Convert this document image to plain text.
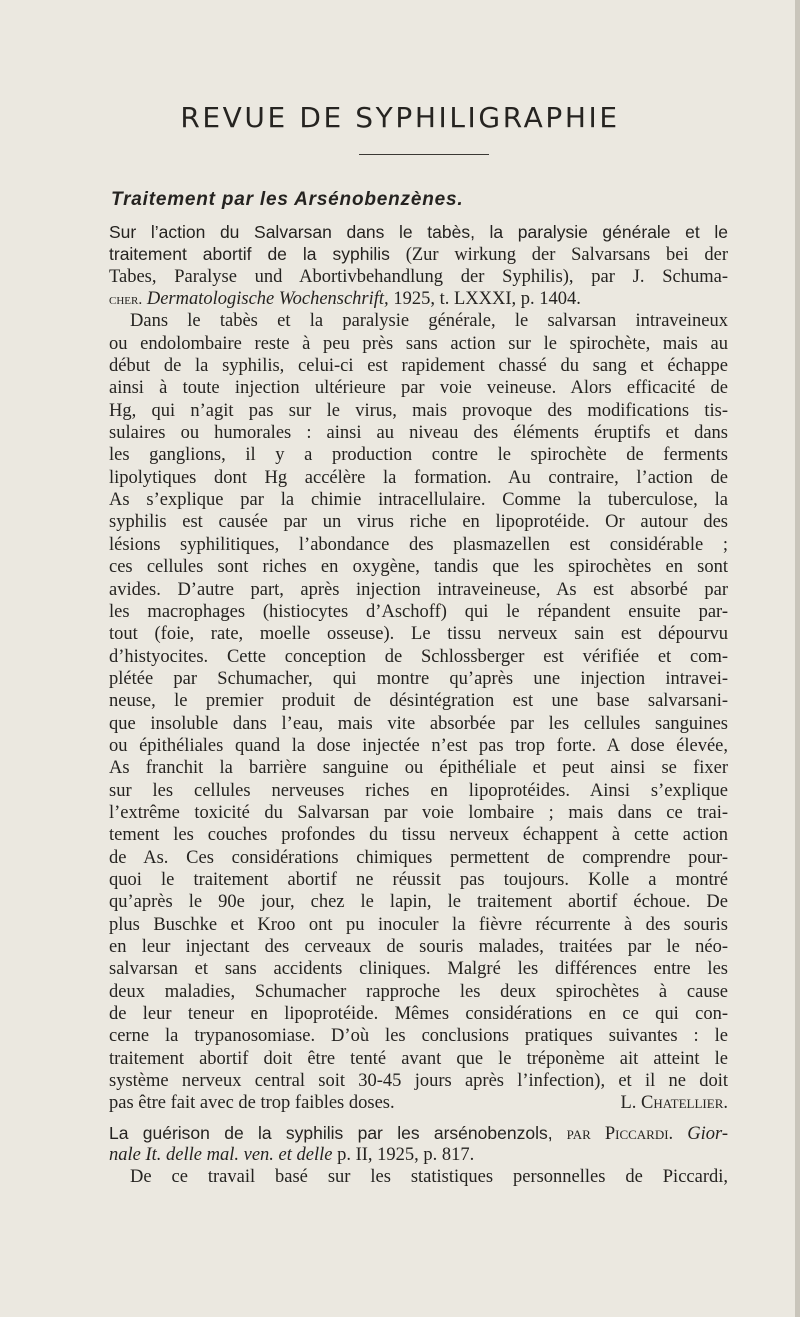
REVUE DE SYPHILIGRAPHIE
Traitement par les Arsénobenzènes.
Sur l’action du Salvarsan dans le tabès, la paralysie générale et le
traitement abortif de la syphilis (Zur wirkung der Salvarsans bei der
Tabes, Paralyse und Abortivbehandlung der Syphilis), par J. Schuma-
cher. Dermatologische Wochenschrift, 1925, t. LXXXI, p. 1404.
Dans le tabès et la paralysie générale, le salvarsan intraveineux
ou endolombaire reste à peu près sans action sur le spirochète, mais au
début de la syphilis, celui-ci est rapidement chassé du sang et échappe
ainsi à toute injection ultérieure par voie veineuse. Alors efficacité de
Hg, qui n’agit pas sur le virus, mais provoque des modifications tis-
sulaires ou humorales : ainsi au niveau des éléments éruptifs et dans
les ganglions, il y a production contre le spirochète de ferments
lipolytiques dont Hg accélère la formation. Au contraire, l’action de
As s’explique par la chimie intracellulaire. Comme la tuberculose, la
syphilis est causée par un virus riche en lipoprotéide. Or autour des
lésions syphilitiques, l’abondance des plasmazellen est considérable ;
ces cellules sont riches en oxygène, tandis que les spirochètes en sont
avides. D’autre part, après injection intraveineuse, As est absorbé par
les macrophages (histiocytes d’Aschoff) qui le répandent ensuite par-
tout (foie, rate, moelle osseuse). Le tissu nerveux sain est dépourvu
d’histyocites. Cette conception de Schlossberger est vérifiée et com-
plétée par Schumacher, qui montre qu’après une injection intravei-
neuse, le premier produit de désintégration est une base salvarsani-
que insoluble dans l’eau, mais vite absorbée par les cellules sanguines
ou épithéliales quand la dose injectée n’est pas trop forte. A dose élevée,
As franchit la barrière sanguine ou épithéliale et peut ainsi se fixer
sur les cellules nerveuses riches en lipoprotéides. Ainsi s’explique
l’extrême toxicité du Salvarsan par voie lombaire ; mais dans ce trai-
tement les couches profondes du tissu nerveux échappent à cette action
de As. Ces considérations chimiques permettent de comprendre pour-
quoi le traitement abortif ne réussit pas toujours. Kolle a montré
qu’après le 90e jour, chez le lapin, le traitement abortif échoue. De
plus Buschke et Kroo ont pu inoculer la fièvre récurrente à des souris
en leur injectant des cerveaux de souris malades, traitées par le néo-
salvarsan et sans accidents cliniques. Malgré les différences entre les
deux maladies, Schumacher rapproche les deux spirochètes à cause
de leur teneur en lipoprotéide. Mêmes considérations en ce qui con-
cerne la trypanosomiase. D’où les conclusions pratiques suivantes : le
traitement abortif doit être tenté avant que le tréponème ait atteint le
système nerveux central soit 30-45 jours après l’infection), et il ne doit
pas être fait avec de trop faibles doses.	L. Chatellier.
La guérison de la syphilis par les arsénobenzols, par Piccardi. Gior-
nale It. delle mal. ven. et delle p. II, 1925, p. 817.
De ce travail basé sur les statistiques personnelles de Piccardi,
